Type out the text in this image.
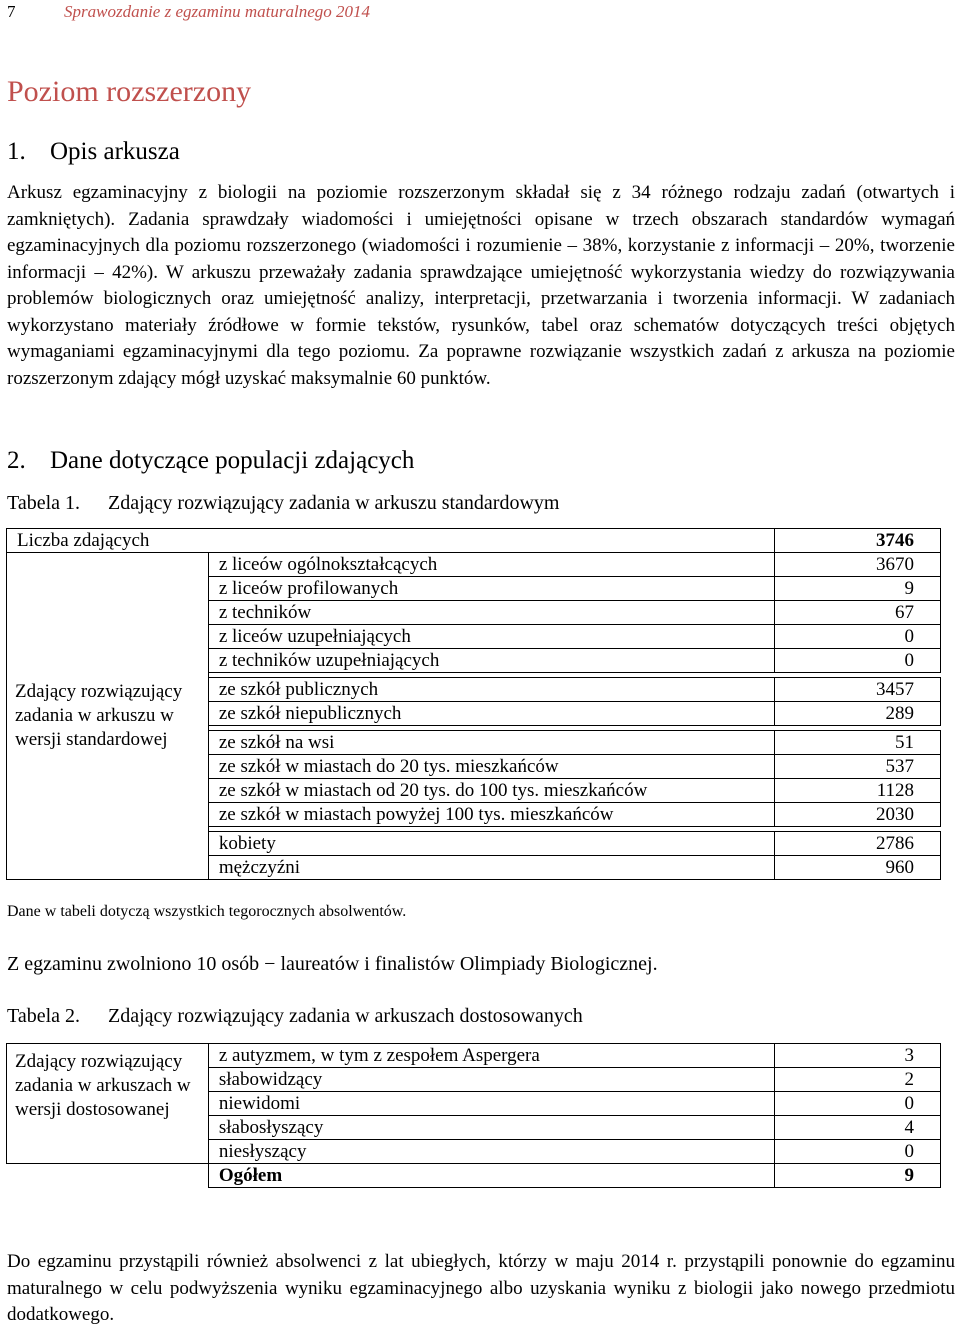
7	Sprawozdanie z egzaminu maturalnego 2014
Poziom rozszerzony
1. Opis arkusza

Arkusz egzaminacyjny z biologii na poziomie rozszerzonym składał się z 34 różnego rodzaju zadań (otwartych i zamkniętych). Zadania sprawdzały wiadomości i umiejętności opisane w trzech obszarach standardów wymagań egzaminacyjnych dla poziomu rozszerzonego (wiadomości i rozumienie – 38%, korzystanie z informacji – 20%, tworzenie informacji – 42%). W arkuszu przeważały zadania sprawdzające umiejętność wykorzystania wiedzy do rozwiązywania problemów biologicznych oraz umiejętność analizy, interpretacji, przetwarzania i tworzenia informacji. W zadaniach wykorzystano materiały źródłowe w formie tekstów, rysunków, tabel oraz schematów dotyczących treści objętych wymaganiami egzaminacyjnymi dla tego poziomu. Za poprawne rozwiązanie wszystkich zadań z arkusza na poziomie rozszerzonym zdający mógł uzyskać maksymalnie 60 punktów.

2. Dane dotyczące populacji zdających
Tabela 1. Zdający rozwiązujący zadania w arkuszu standardowym
Liczba zdających		3746
Zdający rozwiązujący zadania w arkuszu w wersji standardowej	z liceów ogólnokształcących	3670
	z liceów profilowanych	9
	z techników	67
	z liceów uzupełniających	0
	z techników uzupełniających	0

	ze szkół publicznych	3457
	ze szkół niepublicznych	289

	ze szkół na wsi	51
	ze szkół w miastach do 20 tys. mieszkańców	537
	ze szkół w miastach od 20 tys. do 100 tys. mieszkańców	1128
	ze szkół w miastach powyżej 100 tys. mieszkańców	2030

	kobiety	2786
	mężczyźni	960
Dane w tabeli dotyczą wszystkich tegorocznych absolwentów.
Z egzaminu zwolniono 10 osób − laureatów i finalistów Olimpiady Biologicznej.
Tabela 2. Zdający rozwiązujący zadania w arkuszach dostosowanych
Zdający rozwiązujący zadania w arkuszach w wersji dostosowanej	z autyzmem, w tym z zespołem Aspergera	3
	słabowidzący	2
	niewidomi	0
	słabosłyszący	4
	niesłyszący	0
	Ogółem	9

Do egzaminu przystąpili również absolwenci z lat ubiegłych, którzy w maju 2014 r. przystąpili ponownie do egzaminu maturalnego w celu podwyższenia wyniku egzaminacyjnego albo uzyskania wyniku z biologii jako nowego przedmiotu dodatkowego.
